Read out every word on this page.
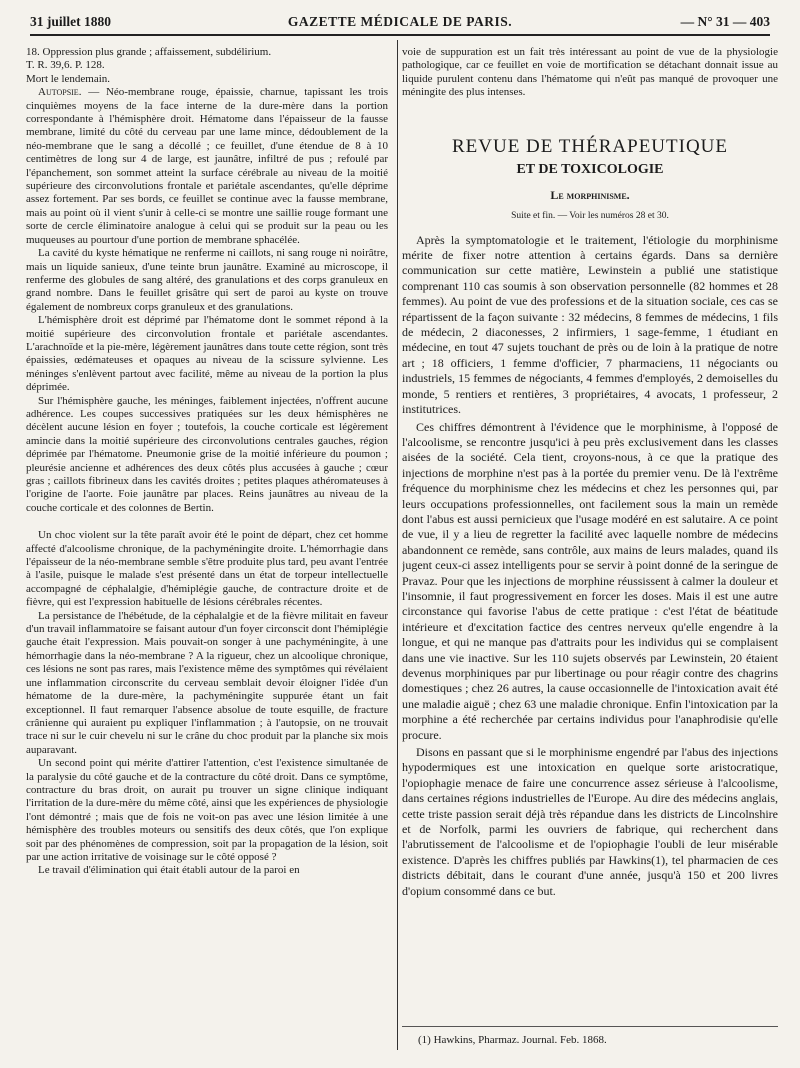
31 juillet 1880	GAZETTE MÉDICALE DE PARIS.	— N° 31 — 403

18. Oppression plus grande ; affaissement, subdélirium.

T. R. 39,6. P. 128.

Mort le lendemain.

Autopsie. — Néo-membrane rouge, épaissie, charnue, tapissant les trois cinquièmes moyens de la face interne de la dure-mère dans la portion correspondante à l'hémisphère droit. Hématome dans l'épaisseur de la fausse membrane, limité du côté du cerveau par une lame mince, dédoublement de la néo-membrane que le sang a décollé ; ce feuillet, d'une étendue de 8 à 10 centimètres de long sur 4 de large, est jaunâtre, infiltré de pus ; refoulé par l'épanchement, son sommet atteint la surface cérébrale au niveau de la moitié supérieure des circonvolutions frontale et pariétale ascendantes, qu'elle déprime assez fortement. Par ses bords, ce feuillet se continue avec la fausse membrane, mais au point où il vient s'unir à celle-ci se montre une saillie rouge formant une sorte de cercle éliminatoire analogue à celui qui se produit sur la peau ou les muqueuses au pourtour d'une portion de membrane sphacélée.

La cavité du kyste hématique ne renferme ni caillots, ni sang rouge ni noirâtre, mais un liquide sanieux, d'une teinte brun jaunâtre. Examiné au microscope, il renferme des globules de sang altéré, des granulations et des corps granuleux en grand nombre. Dans le feuillet grisâtre qui sert de paroi au kyste on trouve également de nombreux corps granuleux et des granulations.

L'hémisphère droit est déprimé par l'hématome dont le sommet répond à la moitié supérieure des circonvolution frontale et pariétale ascendantes. L'arachnoïde et la pie-mère, légèrement jaunâtres dans toute cette région, sont très épaissies, œdémateuses et opaques au niveau de la scissure sylvienne. Les méninges s'enlèvent partout avec facilité, même au niveau de la portion la plus déprimée.

Sur l'hémisphère gauche, les méninges, faiblement injectées, n'offrent aucune adhérence. Les coupes successives pratiquées sur les deux hémisphères ne décèlent aucune lésion en foyer ; toutefois, la couche corticale est légèrement amincie dans la moitié supérieure des circonvolutions centrales gauches, région déprimée par l'hématome. Pneumonie grise de la moitié inférieure du poumon ; pleurésie ancienne et adhérences des deux côtés plus accusées à gauche ; cœur gras ; caillots fibrineux dans les cavités droites ; petites plaques athéromateuses à l'origine de l'aorte. Foie jaunâtre par places. Reins jaunâtres au niveau de la couche corticale et des colonnes de Bertin.

Un choc violent sur la tête paraît avoir été le point de départ, chez cet homme affecté d'alcoolisme chronique, de la pachyméningite droite. L'hémorrhagie dans l'épaisseur de la néo-membrane semble s'être produite plus tard, peu avant l'entrée à l'asile, puisque le malade s'est présenté dans un état de torpeur intellectuelle accompagné de céphalalgie, d'hémiplégie gauche, de contracture droite et de fièvre, qui est l'expression habituelle de lésions cérébrales récentes.

La persistance de l'hébétude, de la céphalalgie et de la fièvre militait en faveur d'un travail inflammatoire se faisant autour d'un foyer circonscit dont l'hémiplégie gauche était l'expression. Mais pouvait-on songer à une pachyméningite, à une hémorrhagie dans la néo-membrane ? A la rigueur, chez un alcoolique chronique, ces lésions ne sont pas rares, mais l'existence même des symptômes qui révélaient une inflammation circonscrite du cerveau semblait devoir éloigner l'idée d'un hématome de la dure-mère, la pachyméningite suppurée étant un fait exceptionnel. Il faut remarquer l'absence absolue de toute esquille, de fracture crânienne qui auraient pu expliquer l'inflammation ; à l'autopsie, on ne trouvait trace ni sur le cuir chevelu ni sur le crâne du choc produit par la planche six mois auparavant.

Un second point qui mérite d'attirer l'attention, c'est l'existence simultanée de la paralysie du côté gauche et de la contracture du côté droit. Dans ce symptôme, contracture du bras droit, on aurait pu trouver un signe clinique indiquant l'irritation de la dure-mère du même côté, ainsi que les expériences de physiologie l'ont démontré ; mais que de fois ne voit-on pas avec une lésion limitée à une hémisphère des troubles moteurs ou sensitifs des deux côtés, que l'on explique soit par des phénomènes de compression, soit par la propagation de la lésion, soit par une action irritative de voisinage sur le côté opposé ?

Le travail d'élimination qui était établi autour de la paroi en

voie de suppuration est un fait très intéressant au point de vue de la physiologie pathologique, car ce feuillet en voie de mortification se détachant donnait issue au liquide purulent contenu dans l'hématome qui n'eût pas manqué de provoquer une méningite des plus intenses.

REVUE DE THÉRAPEUTIQUE
ET DE TOXICOLOGIE
Le morphinisme.
Suite et fin. — Voir les numéros 28 et 30.

Après la symptomatologie et le traitement, l'étiologie du morphinisme mérite de fixer notre attention à certains égards. Dans sa dernière communication sur cette matière, Lewinstein a publié une statistique comprenant 110 cas soumis à son observation personnelle (82 hommes et 28 femmes). Au point de vue des professions et de la situation sociale, ces cas se répartissent de la façon suivante : 32 médecins, 8 femmes de médecins, 1 fils de médecin, 2 diaconesses, 2 infirmiers, 1 sage-femme, 1 étudiant en médecine, en tout 47 sujets touchant de près ou de loin à la pratique de notre art ; 18 officiers, 1 femme d'officier, 7 pharmaciens, 11 négociants ou industriels, 15 femmes de négociants, 4 femmes d'employés, 2 demoiselles du monde, 5 rentiers et rentières, 3 propriétaires, 4 avocats, 1 professeur, 2 institutrices.

Ces chiffres démontrent à l'évidence que le morphinisme, à l'opposé de l'alcoolisme, se rencontre jusqu'ici à peu près exclusivement dans les classes aisées de la société. Cela tient, croyons-nous, à ce que la pratique des injections de morphine n'est pas à la portée du premier venu. De là l'extrême fréquence du morphinisme chez les médecins et chez les personnes qui, par leurs occupations professionnelles, ont facilement sous la main un remède dont l'abus est aussi pernicieux que l'usage modéré en est salutaire. A ce point de vue, il y a lieu de regretter la facilité avec laquelle nombre de médecins abandonnent ce remède, sans contrôle, aux mains de leurs malades, quand ils jugent ceux-ci assez intelligents pour se servir à point donné de la seringue de Pravaz. Pour que les injections de morphine réussissent à calmer la douleur et l'insomnie, il faut progressivement en forcer les doses. Mais il est une autre circonstance qui favorise l'abus de cette pratique : c'est l'état de béatitude intérieure et d'excitation factice des centres nerveux qu'elle engendre à la longue, et qui ne manque pas d'attraits pour les individus qui se complaisent dans une vie inactive. Sur les 110 sujets observés par Lewinstein, 20 étaient devenus morphiniques par pur libertinage ou pour réagir contre des chagrins domestiques ; chez 26 autres, la cause occasionnelle de l'intoxication avait été une maladie aiguë ; chez 63 une maladie chronique. Enfin l'intoxication par la morphine a été recherchée par certains individus pour l'anaphrodisie qu'elle procure.

Disons en passant que si le morphinisme engendré par l'abus des injections hypodermiques est une intoxication en quelque sorte aristocratique, l'opiophagie menace de faire une concurrence assez sérieuse à l'alcoolisme, dans certaines régions industrielles de l'Europe. Au dire des médecins anglais, cette triste passion serait déjà très répandue dans les districts de Lincolnshire et de Norfolk, parmi les ouvriers de fabrique, qui recherchent dans l'abrutissement de l'alcoolisme et de l'opiophagie l'oubli de leur misérable existence. D'après les chiffres publiés par Hawkins(1), tel pharmacien de ces districts débitait, dans le courant d'une année, jusqu'à 150 et 200 livres d'opium consommé dans ce but.

(1) Hawkins, Pharmaz. Journal. Feb. 1868.
